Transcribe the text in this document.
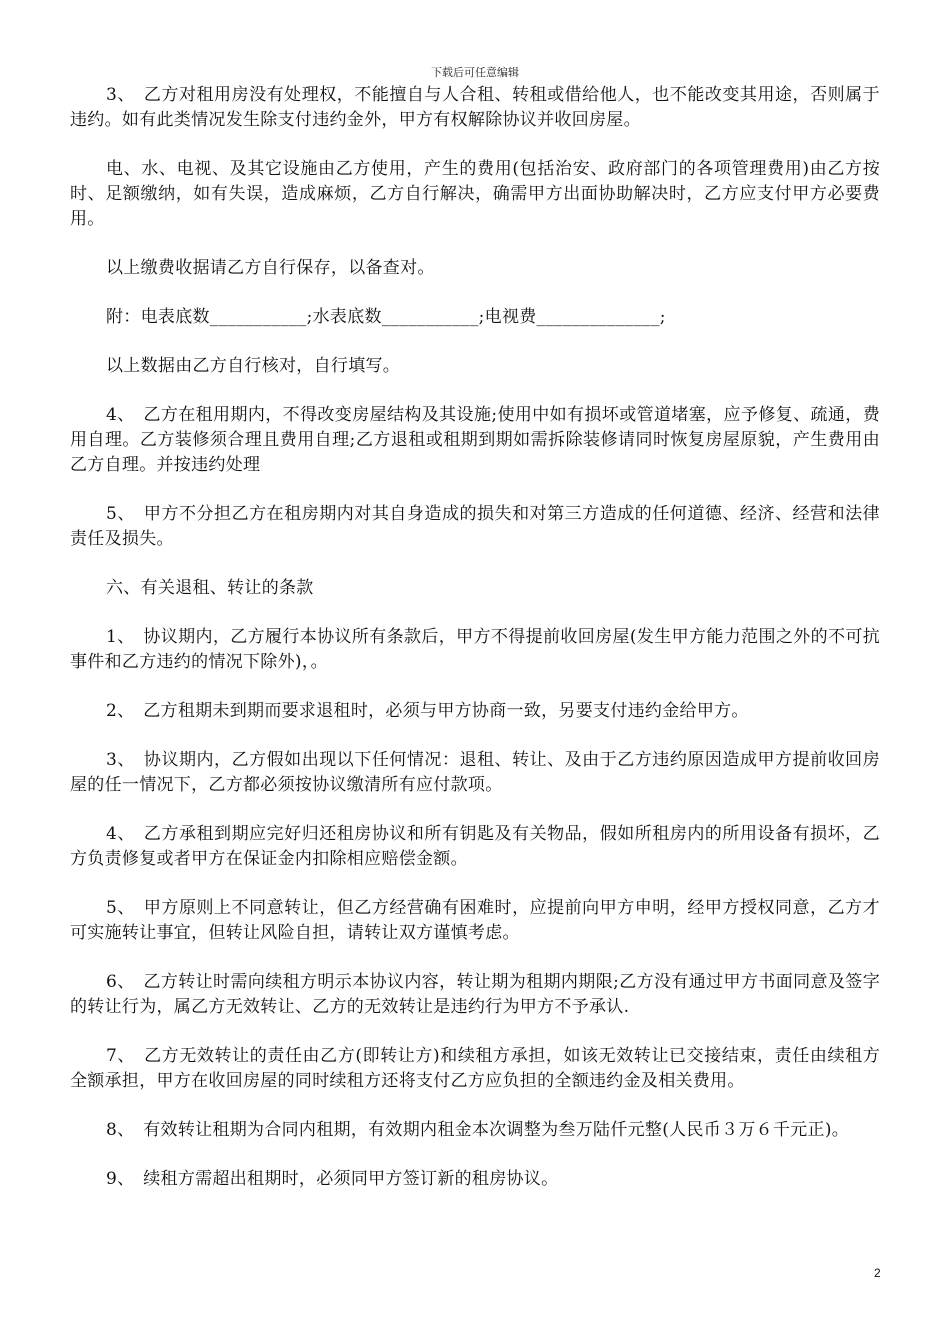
下载后可任意编辑

3、　乙方对租用房没有处理权，不能擅自与人合租、转租或借给他人，也不能改变其用途，否则属于违约。如有此类情况发生除支付违约金外，甲方有权解除协议并收回房屋。

电、水、电视、及其它设施由乙方使用，产生的费用(包括治安、政府部门的各项管理费用)由乙方按时、足额缴纳，如有失误，造成麻烦，乙方自行解决，确需甲方出面协助解决时，乙方应支付甲方必要费用。

以上缴费收据请乙方自行保存，以备查对。

附：电表底数___________;水表底数___________;电视费______________;

以上数据由乙方自行核对，自行填写。

4、　乙方在租用期内，不得改变房屋结构及其设施;使用中如有损坏或管道堵塞，应予修复、疏通，费用自理。乙方装修须合理且费用自理;乙方退租或租期到期如需拆除装修请同时恢复房屋原貌，产生费用由乙方自理。并按违约处理

5、　甲方不分担乙方在租房期内对其自身造成的损失和对第三方造成的任何道德、经济、经营和法律责任及损失。

六、有关退租、转让的条款

1、　协议期内，乙方履行本协议所有条款后，甲方不得提前收回房屋(发生甲方能力范围之外的不可抗事件和乙方违约的情况下除外)，。

2、　乙方租期未到期而要求退租时，必须与甲方协商一致，另要支付违约金给甲方。

3、　协议期内，乙方假如出现以下任何情况：退租、转让、及由于乙方违约原因造成甲方提前收回房屋的任一情况下，乙方都必须按协议缴清所有应付款项。

4、　乙方承租到期应完好归还租房协议和所有钥匙及有关物品，假如所租房内的所用设备有损坏，乙方负责修复或者甲方在保证金内扣除相应赔偿金额。

5、　甲方原则上不同意转让，但乙方经营确有困难时，应提前向甲方申明，经甲方授权同意，乙方才可实施转让事宜，但转让风险自担，请转让双方谨慎考虑。

6、　乙方转让时需向续租方明示本协议内容，转让期为租期内期限;乙方没有通过甲方书面同意及签字的转让行为，属乙方无效转让、乙方的无效转让是违约行为甲方不予承认.

7、　乙方无效转让的责任由乙方(即转让方)和续租方承担，如该无效转让已交接结束，责任由续租方全额承担，甲方在收回房屋的同时续租方还将支付乙方应负担的全额违约金及相关费用。

8、　有效转让租期为合同内租期，有效期内租金本次调整为叁万陆仟元整(人民币３万６千元正)。

9、　续租方需超出租期时，必须同甲方签订新的租房协议。

2
